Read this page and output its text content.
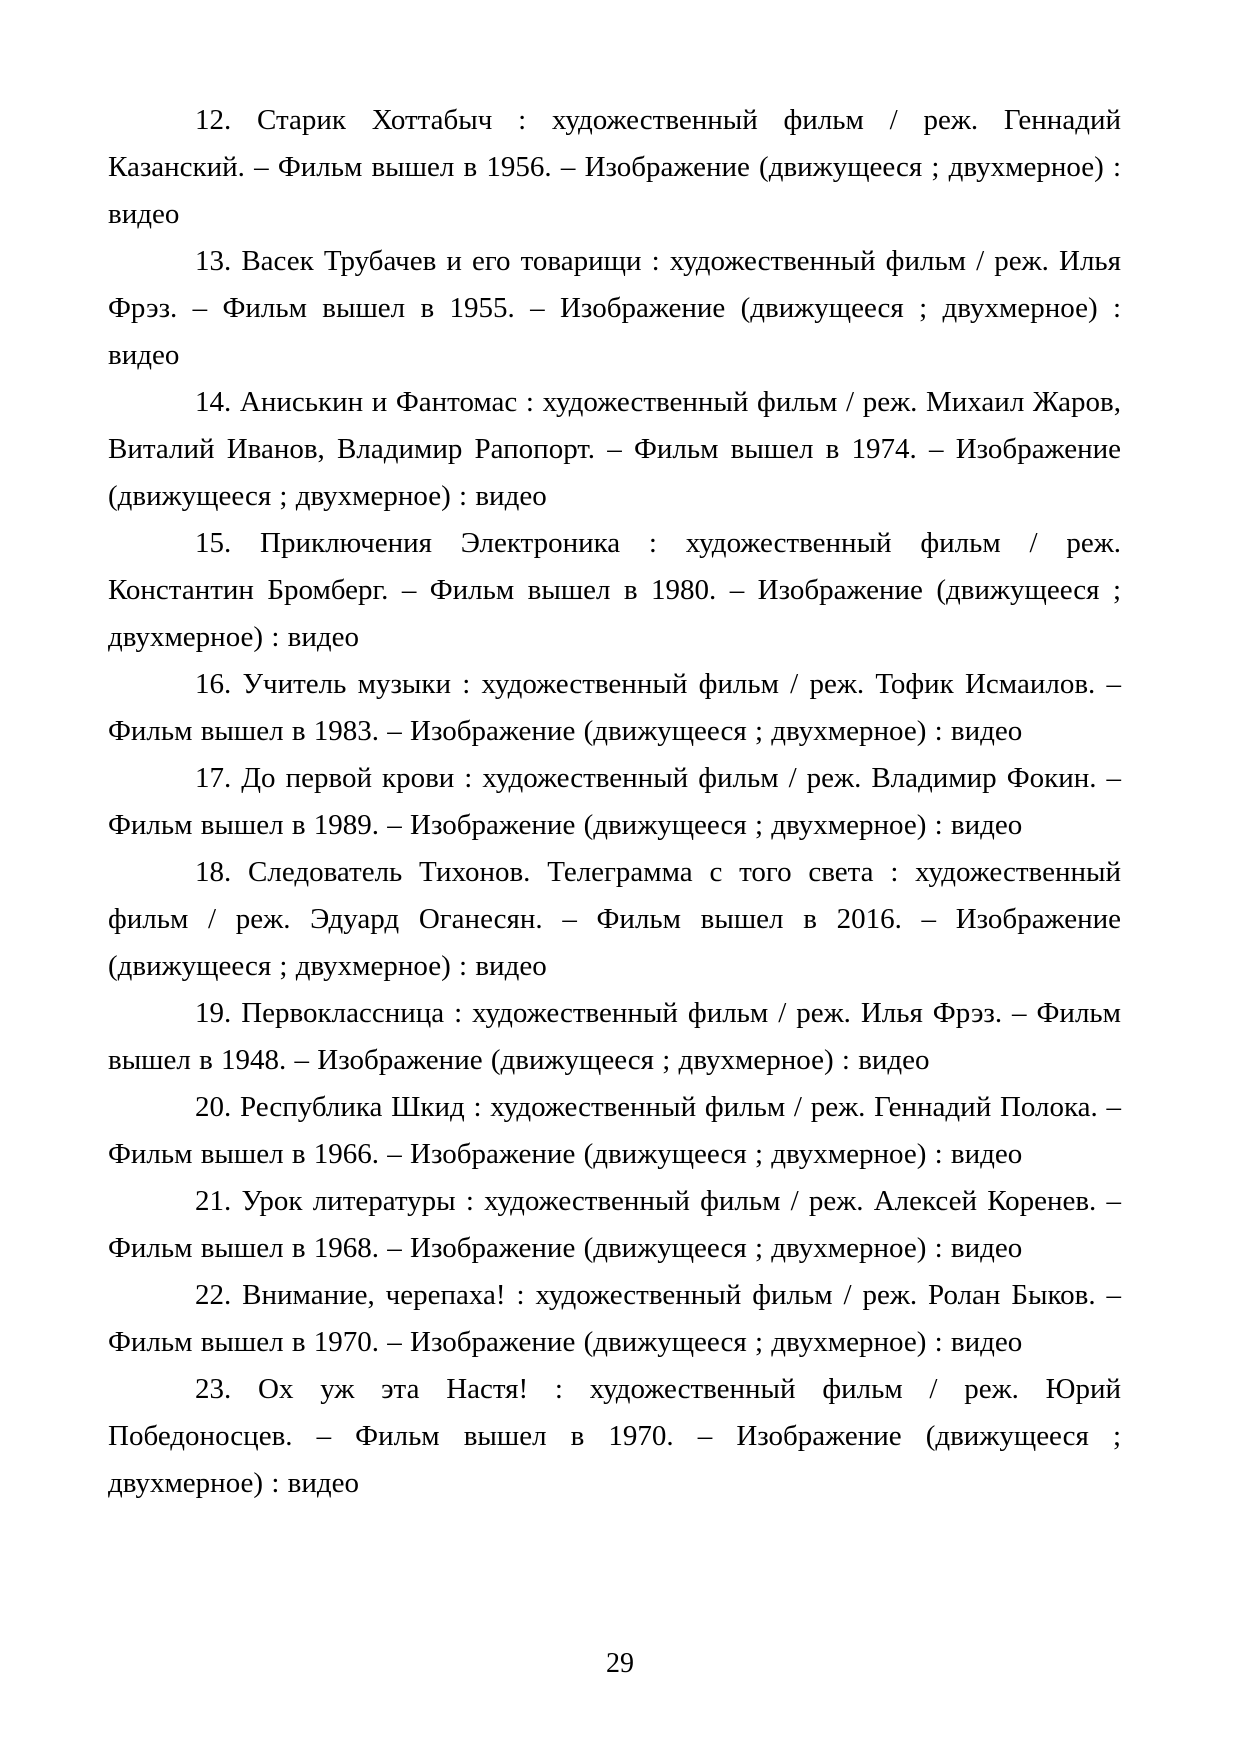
12. Старик Хоттабыч : художественный фильм / реж. Геннадий Казанский. – Фильм вышел в 1956. – Изображение (движущееся ; двухмерное) : видео

13. Васек Трубачев и его товарищи : художественный фильм / реж. Илья Фрэз. – Фильм вышел в 1955. – Изображение (движущееся ; двухмерное) : видео

14. Аниськин и Фантомас : художественный фильм / реж. Михаил Жаров, Виталий Иванов, Владимир Рапопорт. – Фильм вышел в 1974. – Изображение (движущееся ; двухмерное) : видео

15. Приключения Электроника : художественный фильм / реж. Константин Бромберг. – Фильм вышел в 1980. – Изображение (движущееся ; двухмерное) : видео

16. Учитель музыки : художественный фильм / реж. Тофик Исмаилов. – Фильм вышел в 1983. – Изображение (движущееся ; двухмерное) : видео

17. До первой крови : художественный фильм / реж. Владимир Фокин. – Фильм вышел в 1989. – Изображение (движущееся ; двухмерное) : видео

18. Следователь Тихонов. Телеграмма с того света : художественный фильм / реж. Эдуард Оганесян. – Фильм вышел в 2016. – Изображение (движущееся ; двухмерное) : видео

19. Первоклассница : художественный фильм / реж. Илья Фрэз. – Фильм вышел в 1948. – Изображение (движущееся ; двухмерное) : видео

20. Республика Шкид : художественный фильм / реж. Геннадий Полока. – Фильм вышел в 1966. – Изображение (движущееся ; двухмерное) : видео

21. Урок литературы : художественный фильм / реж. Алексей Коренев. – Фильм вышел в 1968. – Изображение (движущееся ; двухмерное) : видео

22. Внимание, черепаха! : художественный фильм / реж. Ролан Быков. – Фильм вышел в 1970. – Изображение (движущееся ; двухмерное) : видео

23. Ох уж эта Настя! : художественный фильм / реж. Юрий Победоносцев. – Фильм вышел в 1970. – Изображение (движущееся ; двухмерное) : видео

29
